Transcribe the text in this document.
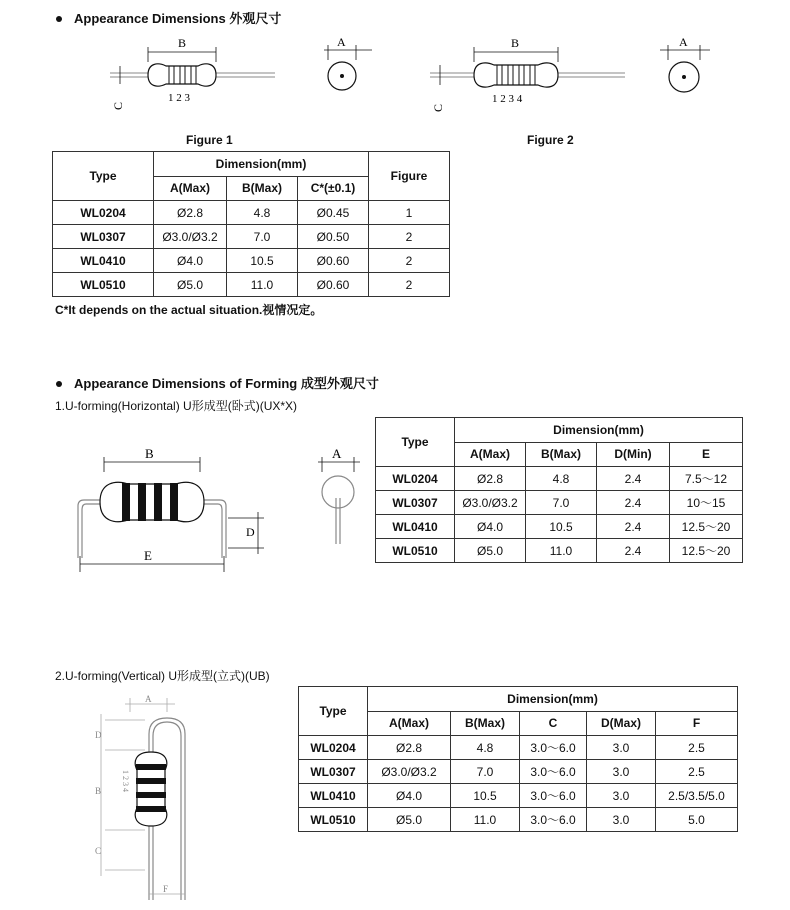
Appearance Dimensions 外观尺寸
B
1 2 3
C
A	B
1 2 3 4
C
A
Figure 1	Figure 2
Type	Dimension(mm)			Figure
	A(Max)	B(Max)	C*(±0.1)	
WL0204	Ø2.8	4.8	Ø0.45	1
WL0307	Ø3.0/Ø3.2	7.0	Ø0.50	2
WL0410	Ø4.0	10.5	Ø0.60	2
WL0510	Ø5.0	11.0	Ø0.60	2
C*It depends on the actual situation.视情况定。
Appearance Dimensions of Forming 成型外观尺寸
1.U-forming(Horizontal) U形成型(卧式)(UX*X)
B
D
E
A
Type	Dimension(mm)			
	A(Max)	B(Max)	D(Min)	E
WL0204	Ø2.8	4.8	2.4	7.5～12
WL0307	Ø3.0/Ø3.2	7.0	2.4	10～15
WL0410	Ø4.0	10.5	2.4	12.5～20
WL0510	Ø5.0	11.0	2.4	12.5～20
2.U-forming(Vertical) U形成型(立式)(UB)
A
D
B
C
1 2 3 4
F
Type	Dimension(mm)				
	A(Max)	B(Max)	C	D(Max)	F
WL0204	Ø2.8	4.8	3.0～6.0	3.0	2.5
WL0307	Ø3.0/Ø3.2	7.0	3.0～6.0	3.0	2.5
WL0410	Ø4.0	10.5	3.0～6.0	3.0	2.5/3.5/5.0
WL0510	Ø5.0	11.0	3.0～6.0	3.0	5.0
